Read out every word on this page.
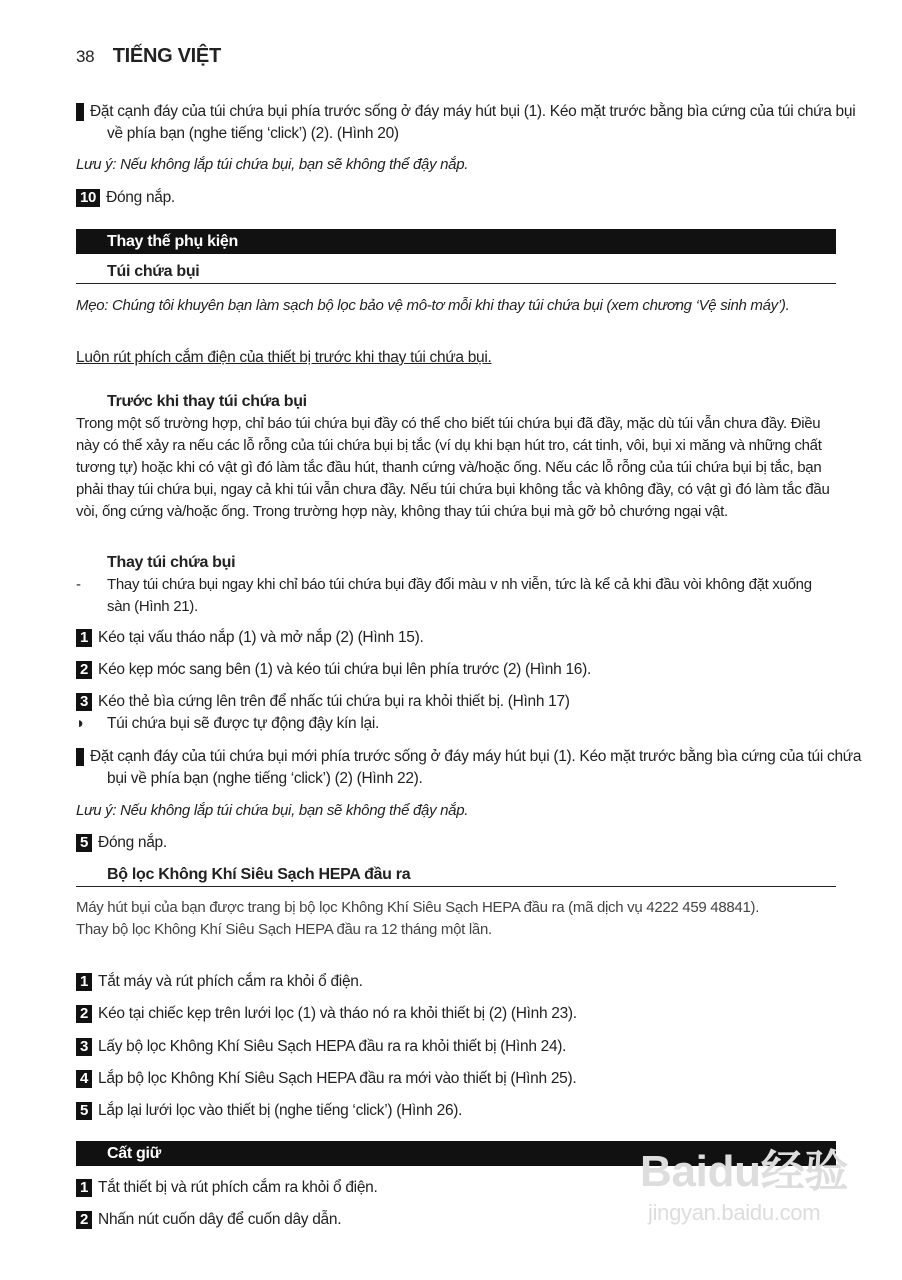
38 TIẾNG VIỆT
9 Đặt cạnh đáy của túi chứa bụi phía trước sống ở đáy máy hút bụi (1). Kéo mặt trước bằng bìa cứng của túi chứa bụi về phía bạn (nghe tiếng ‘click’) (2). (Hình 20)
Lưu ý: Nếu không lắp túi chứa bụi, bạn sẽ không thể đậy nắp.
10 Đóng nắp.
Thay thế phụ kiện
Túi chứa bụi
Mẹo: Chúng tôi khuyên bạn làm sạch bộ lọc bảo vệ mô-tơ mỗi khi thay túi chứa bụi (xem chương ‘Vệ sinh máy’).
Luôn rút phích cắm điện của thiết bị trước khi thay túi chứa bụi.
Trước khi thay túi chứa bụi
Trong một số trường hợp, chỉ báo túi chứa bụi đầy có thể cho biết túi chứa bụi đã đầy, mặc dù túi vẫn chưa đầy. Điều này có thể xảy ra nếu các lỗ rỗng của túi chứa bụi bị tắc (ví dụ khi bạn hút tro, cát tinh, vôi, bụi xi măng và những chất tương tự) hoặc khi có vật gì đó làm tắc đầu hút, thanh cứng và/hoặc ống. Nếu các lỗ rỗng của túi chứa bụi bị tắc, bạn phải thay túi chứa bụi, ngay cả khi túi vẫn chưa đầy. Nếu túi chứa bụi không tắc và không đầy, có vật gì đó làm tắc đầu vòi, ống cứng và/hoặc ống. Trong trường hợp này, không thay túi chứa bụi mà gỡ bỏ chướng ngại vật.
Thay túi chứa bụi
- Thay túi chứa bụi ngay khi chỉ báo túi chứa bụi đầy đổi màu v nh viễn, tức là kể cả khi đầu vòi không đặt xuống sàn (Hình 21).
1 Kéo tại vấu tháo nắp (1) và mở nắp (2) (Hình 15).
2 Kéo kẹp móc sang bên (1) và kéo túi chứa bụi lên phía trước (2) (Hình 16).
3 Kéo thẻ bìa cứng lên trên để nhấc túi chứa bụi ra khỏi thiết bị. (Hình 17)
◗ Túi chứa bụi sẽ được tự động đậy kín lại.
4 Đặt cạnh đáy của túi chứa bụi mới phía trước sống ở đáy máy hút bụi (1). Kéo mặt trước bằng bìa cứng của túi chứa bụi về phía bạn (nghe tiếng ‘click’) (2) (Hình 22).
Lưu ý: Nếu không lắp túi chứa bụi, bạn sẽ không thể đậy nắp.
5 Đóng nắp.
Bộ lọc Không Khí Siêu Sạch HEPA đầu ra
Máy hút bụi của bạn được trang bị bộ lọc Không Khí Siêu Sạch HEPA đầu ra (mã dịch vụ 4222 459 48841).
Thay bộ lọc Không Khí Siêu Sạch HEPA đầu ra 12 tháng một lần.
1 Tắt máy và rút phích cắm ra khỏi ổ điện.
2 Kéo tại chiếc kẹp trên lưới lọc (1) và tháo nó ra khỏi thiết bị (2) (Hình 23).
3 Lấy bộ lọc Không Khí Siêu Sạch HEPA đầu ra ra khỏi thiết bị (Hình 24).
4 Lắp bộ lọc Không Khí Siêu Sạch HEPA đầu ra mới vào thiết bị (Hình 25).
5 Lắp lại lưới lọc vào thiết bị (nghe tiếng ‘click’) (Hình 26).
Cất giữ
1 Tắt thiết bị và rút phích cắm ra khỏi ổ điện.
2 Nhấn nút cuốn dây để cuốn dây dẫn.
Baidu经验
jingyan.baidu.com
